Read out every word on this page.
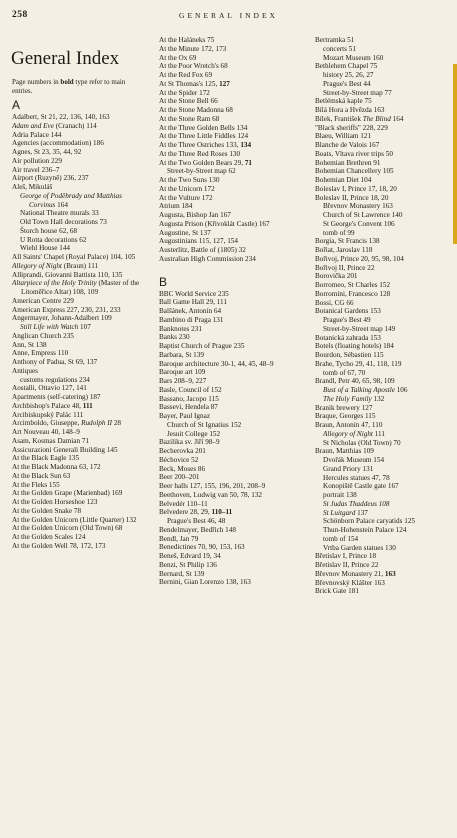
258	GENERAL INDEX
General Index
Page numbers in bold type refer to main entries.
A
Adalbert, St 21, 22, 136, 140, 163
Adam and Eve (Cranach) 114
Adria Palace 144
Agencies (accommodation) 186
Agnes, St 23, 35, 44, 92
Air pollution 229
Air travel 236–7
Airport (Ruzyně) 236, 237
Aleš, Mikuláš
George of Poděbrady and Matthias Corvinus 164
National Theatre murals 33
Old Town Hall decorations 73
Štorch house 62, 68
U Rotta decorations 62
Wiehl House 144
All Saints' Chapel (Royal Palace) 104, 105
Allegory of Night (Braun) 111
Alliprandi, Giovanni Battista 110, 135
Altarpiece of the Holy Trinity (Master of the Litoměřice Altar) 108, 109
American Centre 229
American Express 227, 230, 231, 233
Angermayer, Johann-Adalbert 109
Still Life with Watch 107
Anglican Church 235
Ann, St 138
Anne, Empress 110
Anthony of Padua, St 69, 137
Antiques
customs regulations 234
Aostalli, Ottavio 127, 141
Apartments (self-catering) 187
Archbishop's Palace 48, 111
Arcibiskupský Palác 111
Arcimboldo, Giuseppe, Rudolph II 28
Art Nouveau 40, 148–9
Asam, Kosmas Damian 71
Assicurazioni Generali Building 145
At the Black Eagle 135
At the Black Madonna 63, 172
At the Black Sun 63
At the Fleks 155
At the Golden Grape (Marienbad) 169
At the Golden Horseshoe 123
At the Golden Snake 78
At the Golden Unicorn (Little Quarter) 132
At the Golden Unicorn (Old Town) 68
At the Golden Scales 124
At the Golden Well 78, 172, 173
At the Haláneks 75
At the Minute 172, 173
At the Ox 69
At the Poor Wretch's 68
At the Red Fox 69
At St Thomas's 125, 127
At the Spider 172
At the Stone Bell 66
At the Stone Madonna 68
At the Stone Ram 68
At the Three Golden Bells 134
At the Three Little Fiddles 124
At the Three Ostriches 133, 134
At the Three Red Roses 130
At the Two Golden Bears 29, 71
Street-by-Street map 62
At the Two Suns 130
At the Unicorn 172
At the Vulture 172
Atrium 184
Augusta, Bishop Jan 167
Augusta Prison (Křivoklát Castle) 167
Augustine, St 137
Augustinians 115, 127, 154
Austerlitz, Battle of (1805) 32
Australian High Commission 234
B
BBC World Service 235
Ball Game Hall 29, 111
Balšánek, Antonín 64
Bambino di Praga 131
Banknotes 231
Banks 230
Baptist Church of Prague 235
Barbara, St 139
Baroque architecture 30-1, 44, 45, 48–9
Baroque art 109
Bars 208–9, 227
Basle, Council of 152
Bassano, Jacopo 115
Bassevi, Hendela 87
Bayer, Paul Ignaz
Church of St Ignatius 152
Jesuit College 152
Bazilika sv. Jiří 98–9
Becherovka 201
Béchovice 52
Beck, Moses 86
Beer 200–201
Beer halls 127, 155, 196, 201, 208–9
Beethoven, Ludwig van 50, 78, 132
Belvedér 110–11
Belvedere 28, 29, 110–11
Prague's Best 46, 48
Bendelmayer, Bedřich 148
Bendl, Jan 79
Benedictines 70, 90, 153, 163
Beneš, Edvard 19, 34
Benzi, St Philip 136
Bernard, St 139
Bernini, Gian Lorenzo 138, 163
Bertramka 51
concerts 51
Mozart Museum 160
Bethlehem Chapel 75
history 25, 26, 27
Prague's Best 44
Street-by-Street map 77
Betlémská kaple 75
Bílá Hora a Hvězda 163
Bílek, František The Blind 164
"Black sheriffs" 228, 229
Blaeu, William 121
Blanche de Valois 167
Boats, Vltava river trips 50
Bohemian Brethren 91
Bohemian Chancellery 105
Bohemian Diet 104
Boleslav I, Prince 17, 18, 20
Boleslav II, Prince 18, 20
Břevnov Monastery 163
Church of St Lawrence 140
St George's Convent 106
tomb of 99
Borgia, St Francis 138
Bořiat, Jaroslav 118
Bořivoj, Prince 20, 95, 98, 104
Bořivoj II, Prince 22
Borovička 201
Borromeo, St Charles 152
Borromini, Francesco 128
Bossi, CG 66
Botanical Gardens 153
Prague's Best 49
Street-by-Street map 149
Botanická zahrada 153
Botels (floating hotels) 184
Bourdon, Sébastien 115
Brahe, Tycho 29, 41, 118, 119
tomb of 67, 70
Brandl, Petr 40, 65, 98, 109
Bust of a Talking Apostle 106
The Holy Family 132
Branik brewery 127
Braque, Georges 115
Braun, Antonín 47, 110
Allegory of Night 111
St Nicholas (Old Town) 70
Braun, Matthias 109
Dvořák Museum 154
Grand Priory 131
Hercules statues 47, 78
Konopiště Castle gate 167
portrait 138
St Judas Thaddeus 108
St Luitgard 137
Schönborn Palace caryatids 125
Thun-Hohenstein Palace 124
tomb of 154
Vrtba Garden statues 130
Břetislav I, Prince 18
Břetislav II, Prince 22
Břevnov Monastery 21, 163
Břevnovský Klášter 163
Brick Gate 181
